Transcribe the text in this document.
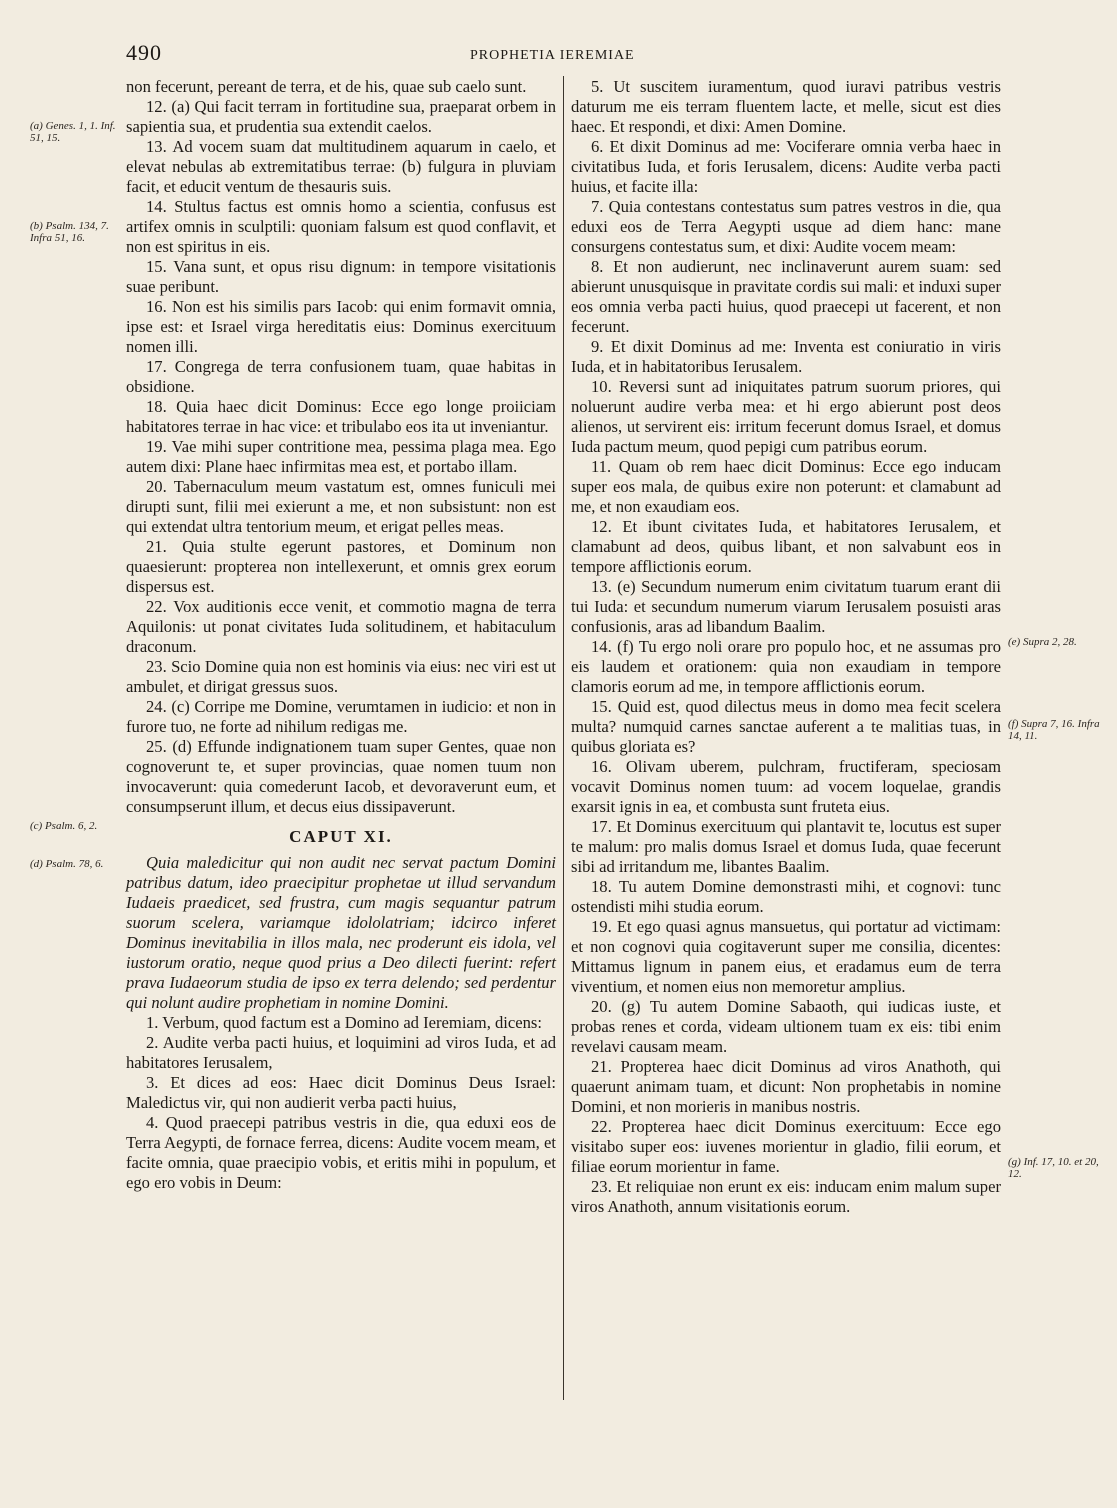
490	PROPHETIA IEREMIAE

non fecerunt, pereant de terra, et de his, quae sub caelo sunt.

12. (a) Qui facit terram in fortitudine sua, praeparat orbem in sapientia sua, et prudentia sua extendit caelos.

13. Ad vocem suam dat multitudinem aquarum in caelo, et elevat nebulas ab extremitatibus terrae: (b) fulgura in pluviam facit, et educit ventum de thesauris suis.

14. Stultus factus est omnis homo a scientia, confusus est artifex omnis in sculptili: quoniam falsum est quod conflavit, et non est spiritus in eis.

15. Vana sunt, et opus risu dignum: in tempore visitationis suae peribunt.

16. Non est his similis pars Iacob: qui enim formavit omnia, ipse est: et Israel virga hereditatis eius: Dominus exercituum nomen illi.

17. Congrega de terra confusionem tuam, quae habitas in obsidione.

18. Quia haec dicit Dominus: Ecce ego longe proiiciam habitatores terrae in hac vice: et tribulabo eos ita ut inveniantur.

19. Vae mihi super contritione mea, pessima plaga mea. Ego autem dixi: Plane haec infirmitas mea est, et portabo illam.

20. Tabernaculum meum vastatum est, omnes funiculi mei dirupti sunt, filii mei exierunt a me, et non subsistunt: non est qui extendat ultra tentorium meum, et erigat pelles meas.

21. Quia stulte egerunt pastores, et Dominum non quaesierunt: propterea non intellexerunt, et omnis grex eorum dispersus est.

22. Vox auditionis ecce venit, et commotio magna de terra Aquilonis: ut ponat civitates Iuda solitudinem, et habitaculum draconum.

23. Scio Domine quia non est hominis via eius: nec viri est ut ambulet, et dirigat gressus suos.

24. (c) Corripe me Domine, verumtamen in iudicio: et non in furore tuo, ne forte ad nihilum redigas me.

25. (d) Effunde indignationem tuam super Gentes, quae non cognoverunt te, et super provincias, quae nomen tuum non invocaverunt: quia comederunt Iacob, et devoraverunt eum, et consumpserunt illum, et decus eius dissipaverunt.

CAPUT XI.

Quia maledicitur qui non audit nec servat pactum Domini patribus datum, ideo praecipitur prophetae ut illud servandum Iudaeis praedicet, sed frustra, cum magis sequantur patrum suorum scelera, variamque idololatriam; idcirco inferet Dominus inevitabilia in illos mala, nec proderunt eis idola, vel iustorum oratio, neque quod prius a Deo dilecti fuerint: refert prava Iudaeorum studia de ipso ex terra delendo; sed perdentur qui nolunt audire prophetiam in nomine Domini.

1. Verbum, quod factum est a Domino ad Ieremiam, dicens:

2. Audite verba pacti huius, et loquimini ad viros Iuda, et ad habitatores Ierusalem,

3. Et dices ad eos: Haec dicit Dominus Deus Israel: Maledictus vir, qui non audierit verba pacti huius,

4. Quod praecepi patribus vestris in die, qua eduxi eos de Terra Aegypti, de fornace ferrea, dicens: Audite vocem meam, et facite omnia, quae praecipio vobis, et eritis mihi in populum, et ego ero vobis in Deum:

5. Ut suscitem iuramentum, quod iuravi patribus vestris daturum me eis terram fluentem lacte, et melle, sicut est dies haec. Et respondi, et dixi: Amen Domine.

6. Et dixit Dominus ad me: Vociferare omnia verba haec in civitatibus Iuda, et foris Ierusalem, dicens: Audite verba pacti huius, et facite illa:

7. Quia contestans contestatus sum patres vestros in die, qua eduxi eos de Terra Aegypti usque ad diem hanc: mane consurgens contestatus sum, et dixi: Audite vocem meam:

8. Et non audierunt, nec inclinaverunt aurem suam: sed abierunt unusquisque in pravitate cordis sui mali: et induxi super eos omnia verba pacti huius, quod praecepi ut facerent, et non fecerunt.

9. Et dixit Dominus ad me: Inventa est coniuratio in viris Iuda, et in habitatoribus Ierusalem.

10. Reversi sunt ad iniquitates patrum suorum priores, qui noluerunt audire verba mea: et hi ergo abierunt post deos alienos, ut servirent eis: irritum fecerunt domus Israel, et domus Iuda pactum meum, quod pepigi cum patribus eorum.

11. Quam ob rem haec dicit Dominus: Ecce ego inducam super eos mala, de quibus exire non poterunt: et clamabunt ad me, et non exaudiam eos.

12. Et ibunt civitates Iuda, et habitatores Ierusalem, et clamabunt ad deos, quibus libant, et non salvabunt eos in tempore afflictionis eorum.

13. (e) Secundum numerum enim civitatum tuarum erant dii tui Iuda: et secundum numerum viarum Ierusalem posuisti aras confusionis, aras ad libandum Baalim.

14. (f) Tu ergo noli orare pro populo hoc, et ne assumas pro eis laudem et orationem: quia non exaudiam in tempore clamoris eorum ad me, in tempore afflictionis eorum.

15. Quid est, quod dilectus meus in domo mea fecit scelera multa? numquid carnes sanctae auferent a te malitias tuas, in quibus gloriata es?

16. Olivam uberem, pulchram, fructiferam, speciosam vocavit Dominus nomen tuum: ad vocem loquelae, grandis exarsit ignis in ea, et combusta sunt fruteta eius.

17. Et Dominus exercituum qui plantavit te, locutus est super te malum: pro malis domus Israel et domus Iuda, quae fecerunt sibi ad irritandum me, libantes Baalim.

18. Tu autem Domine demonstrasti mihi, et cognovi: tunc ostendisti mihi studia eorum.

19. Et ego quasi agnus mansuetus, qui portatur ad victimam: et non cognovi quia cogitaverunt super me consilia, dicentes: Mittamus lignum in panem eius, et eradamus eum de terra viventium, et nomen eius non memoretur amplius.

20. (g) Tu autem Domine Sabaoth, qui iudicas iuste, et probas renes et corda, videam ultionem tuam ex eis: tibi enim revelavi causam meam.

21. Propterea haec dicit Dominus ad viros Anathoth, qui quaerunt animam tuam, et dicunt: Non prophetabis in nomine Domini, et non morieris in manibus nostris.

22. Propterea haec dicit Dominus exercituum: Ecce ego visitabo super eos: iuvenes morientur in gladio, filii eorum, et filiae eorum morientur in fame.

23. Et reliquiae non erunt ex eis: inducam enim malum super viros Anathoth, annum visitationis eorum.

(a) Genes. 1, 1. Inf. 51, 15.
(b) Psalm. 134, 7. Infra 51, 16.
(c) Psalm. 6, 2.
(d) Psalm. 78, 6.
(e) Supra 2, 28.
(f) Supra 7, 16. Infra 14, 11.
(g) Inf. 17, 10. et 20, 12.
